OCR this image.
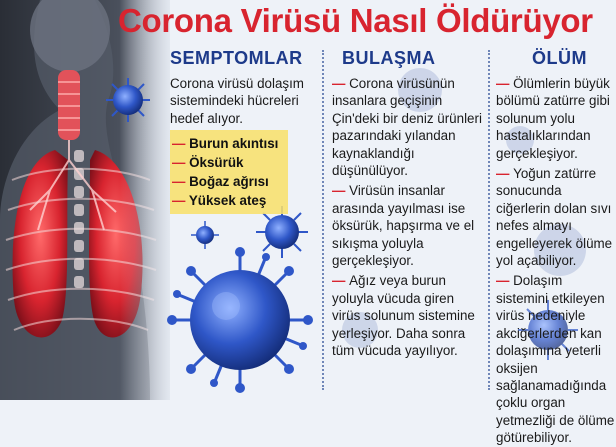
Corona Virüsü Nasıl Öldürüyor
SEMPTOMLAR

Corona virüsü dolaşım sistemindeki hücreleri hedef alıyor.

— Burun akıntısı
— Öksürük
— Boğaz ağrısı
— Yüksek ateş
BULAŞMA

— Corona virüsünün insanlara geçişinin Çin'deki bir deniz ürünleri pazarındaki yılandan kaynaklandığı düşünülüyor.

— Virüsün insanlar arasında yayılması ise öksürük, hapşırma ve el sıkışma yoluyla gerçekleşiyor.

— Ağız veya burun yoluyla vücuda giren virüs solunum sistemine yerleşiyor. Daha sonra tüm vücuda yayılıyor.

ÖLÜM

— Ölümlerin büyük bölümü zatürre gibi solunum yolu hastalıklarından gerçekleşiyor.

— Yoğun zatürre sonucunda ciğerlerin dolan sıvı nefes almayı engelleyerek ölüme yol açabiliyor.

— Dolaşım sistemini etkileyen virüs nedeniyle akciğerlerden kan dolaşımına yeterli oksijen sağlanamadığında çoklu organ yetmezliği de ölüme götürebiliyor.
